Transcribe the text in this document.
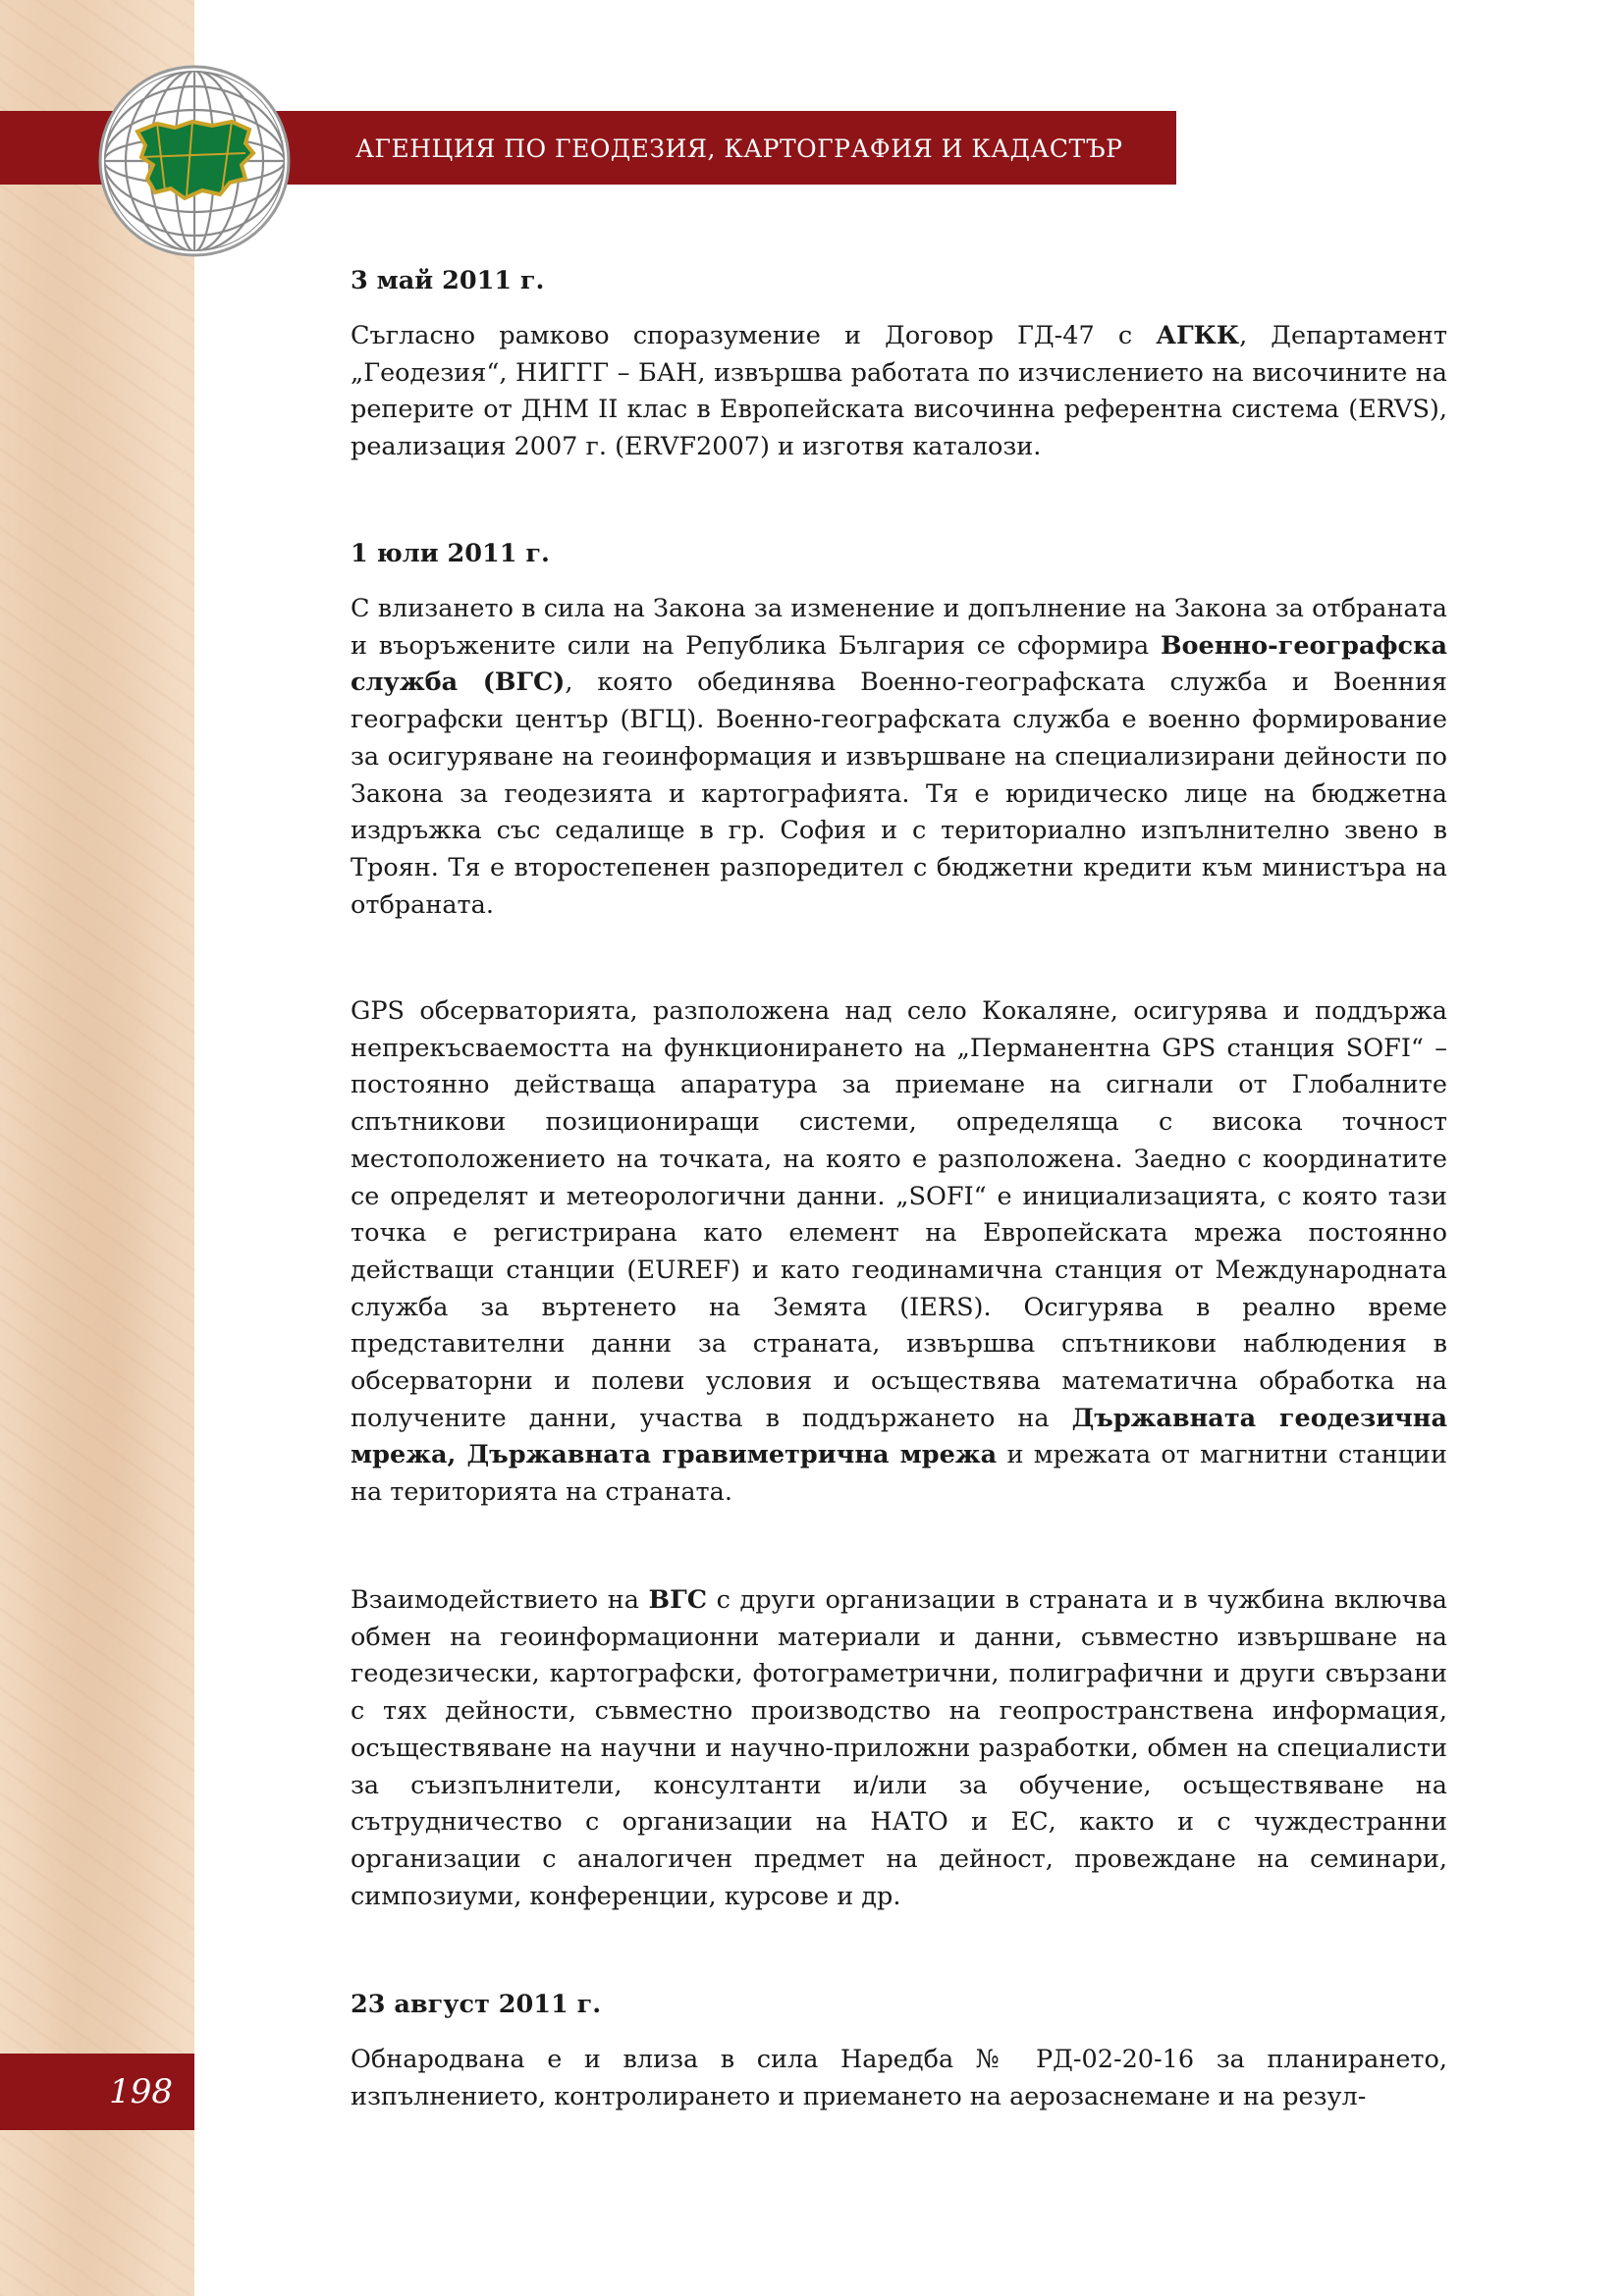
АГЕНЦИЯ ПО ГЕОДЕЗИЯ, КАРТОГРАФИЯ И КАДАСТЪР
198

3 май 2011 г.

Съгласно рамково споразумение и Договор ГД-47 с АГКК, Департамент „Геодезия“, НИГГГ – БАН, извършва работата по изчислението на височините на реперите от ДНМ II клас в Европейската височинна референтна система (ERVS), реализация 2007 г. (ERVF2007) и изготвя каталози.

1 юли 2011 г.

С влизането в сила на Закона за изменение и допълнение на Закона за отбраната и въоръжените сили на Република България се сформира Военно-географска служба (ВГС), която обединява Военно-географската служба и Военния географски център (ВГЦ). Военно-географската служба е военно формирование за осигуряване на геоинформация и извършване на специализирани дейности по Закона за геодезията и картографията. Тя е юридическо лице на бюджетна издръжка със седалище в гр. София и с териториално изпълнително звено в Троян. Тя е второстепенен разпоредител с бюджетни кредити към министъра на отбраната.

GPS обсерваторията, разположена над село Кокаляне, осигурява и поддържа непрекъсваемостта на функционирането на „Перманентна GPS станция SOFI“ – постоянно действаща апаратура за приемане на сигнали от Глобалните спътникови позициониращи системи, определяща с висока точност местоположението на точката, на която е разположена. Заедно с координатите се определят и метеорологични данни. „SOFI“ е инициализацията, с която тази точка е регистрирана като елемент на Европейската мрежа постоянно действащи станции (EUREF) и като геодинамична станция от Международната служба за въртенето на Земята (IERS). Осигурява в реално време представителни данни за страната, извършва спътникови наблюдения в обсерваторни и полеви условия и осъществява математична обработка на получените данни, участва в поддържането на Държавната геодезична мрежа, Държавната гравиметрична мрежа и мрежата от магнитни станции на територията на страната.

Взаимодействието на ВГС с други организации в страната и в чужбина включва обмен на геоинформационни материали и данни, съвместно извършване на геодезически, картографски, фотограметрични, полиграфични и други свързани с тях дейности, съвместно производство на геопространствена информация, осъществяване на научни и научно-приложни разработки, обмен на специалисти за съизпълнители, консултанти и/или за обучение, осъществяване на сътрудничество с организации на НАТО и ЕС, както и с чуждестранни организации с аналогичен предмет на дейност, провеждане на семинари, симпозиуми, конференции, курсове и др.

23 август 2011 г.

Обнародвана е и влиза в сила Наредба № РД-02-20-16 за планирането, изпълнението, контролирането и приемането на аерозаснемане и на резул-
